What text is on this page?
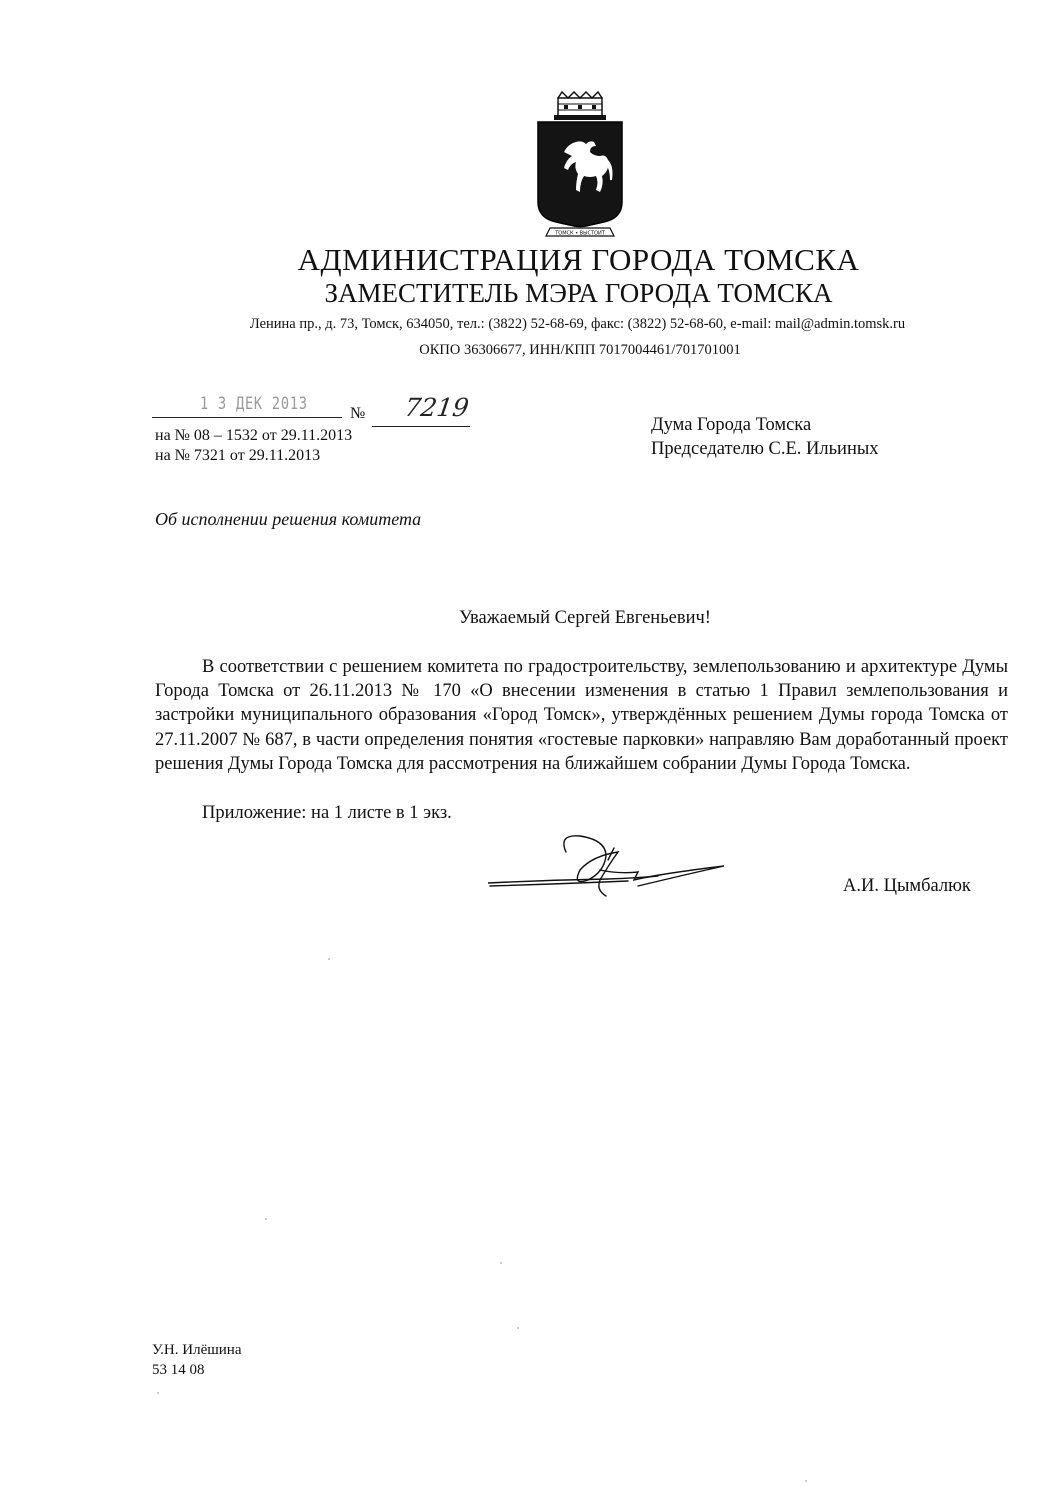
ТОМСК • ВЫСТОИТ
АДМИНИСТРАЦИЯ ГОРОДА ТОМСКА
ЗАМЕСТИТЕЛЬ МЭРА ГОРОДА ТОМСКА
Ленина пр., д. 73, Томск, 634050, тел.: (3822) 52-68-69, факс: (3822) 52-68-60, e-mail: mail@admin.tomsk.ru
ОКПО 36306677, ИНН/КПП 7017004461/701701001
1 3 ДЕК 2013	№ 7219
на № 08 – 1532 от 29.11.2013
на № 7321 от 29.11.2013
Дума Города Томска
Председателю С.Е. Ильиных
Об исполнении решения комитета
Уважаемый Сергей Евгеньевич!
В соответствии с решением комитета по градостроительству, землепользованию и архитектуре Думы Города Томска от 26.11.2013 № 170 «О внесении изменения в статью 1 Правил землепользования и застройки муниципального образования «Город Томск», утверждённых решением Думы города Томска от 27.11.2007 № 687, в части определения понятия «гостевые парковки» направляю Вам доработанный проект решения Думы Города Томска для рассмотрения на ближайшем собрании Думы Города Томска.
Приложение: на 1 листе в 1 экз.
А.И. Цымбалюк
У.Н. Илёшина
53 14 08
